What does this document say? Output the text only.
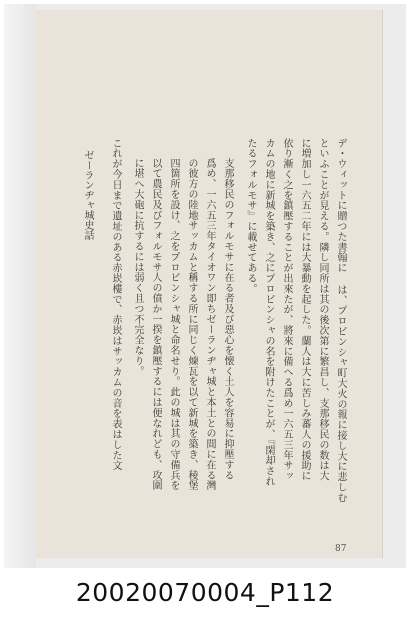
ゼーランヂャ城史話	デ・ウィットに贈つた書翰に は、プロビンシャ町大火の報に接し大に悲しむ
といふことが見える。隣し同所は其の後次第に繁昌し、支那移民の数は大
に増加し一六五二年には大暴動を起した。蘭人は大に苦しみ蕃人の援助に
依り漸く之を鎮壓することが出來たが、將來に備へる爲め一六五三年サッ
カムの地に新城を築き、之にプロビンシャの名を附けたことが、『閑却され
たるフォルモサ』に載せてある。
支那移民のフォルモサに在る者及び惡心を懐く土人を容易に抑壓する
爲め、一六五三年タイオワン即ちゼーランヂャ城と本土との間に在る灣
の彼方の陸地サッカムと稱する所に同じく煉瓦を以て新城を築き、稜堡
四箇所を設け、之をプロビンシャ城と命名せり。此の城は其の守備兵を
以て農民及びフォルモサ人の僨か一揆を鎮壓するには便なれども、攻圍
に堪へ大砲に抗するには弱く且つ不完全なり。
これが今日まで遺址のある赤崁樓で、赤崁はサッカムの音を表はした文
87
20020070004_P112
